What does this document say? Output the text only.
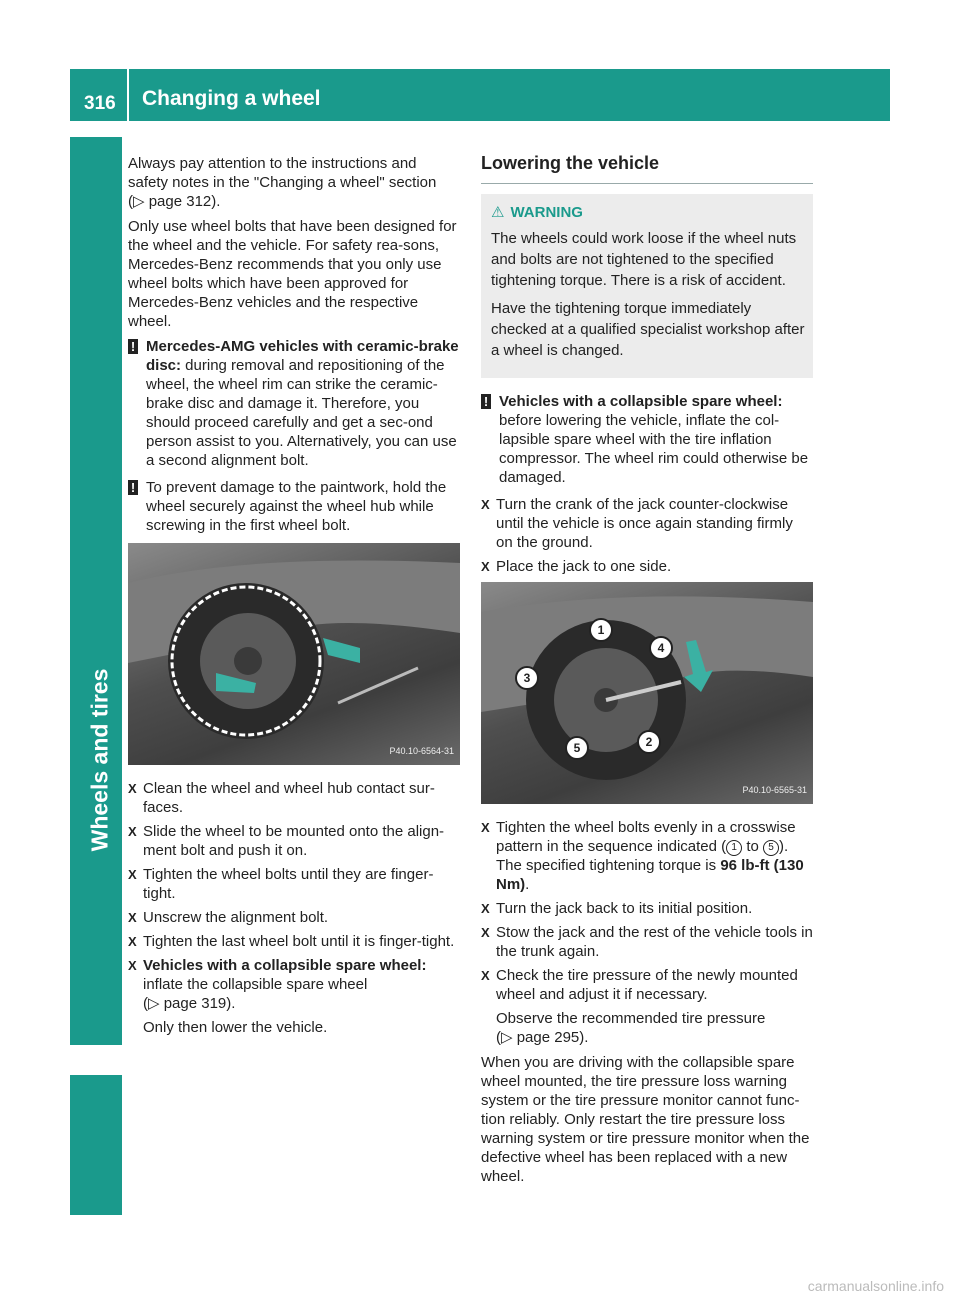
316 Changing a wheel
Wheels and tires

Always pay attention to the instructions and safety notes in the "Changing a wheel" section (▷ page 312).

Only use wheel bolts that have been designed for the wheel and the vehicle. For safety rea-sons, Mercedes-Benz recommends that you only use wheel bolts which have been approved for Mercedes-Benz vehicles and the respective wheel.

! Mercedes-AMG vehicles with ceramic-brake disc: during removal and repositioning of the wheel, the wheel rim can strike the ceramic-brake disc and damage it. Therefore, you should proceed carefully and get a sec-ond person assist to you. Alternatively, you can use a second alignment bolt.
! To prevent damage to the paintwork, hold the wheel securely against the wheel hub while screwing in the first wheel bolt.
P40.10-6564-31
X Clean the wheel and wheel hub contact sur-faces.
X Slide the wheel to be mounted onto the align-ment bolt and push it on.
X Tighten the wheel bolts until they are finger-tight.
X Unscrew the alignment bolt.
X Tighten the last wheel bolt until it is finger-tight.
X Vehicles with a collapsible spare wheel:
inflate the collapsible spare wheel
(▷ page 319).

Only then lower the vehicle.

Lowering the vehicle
⚠ WARNING

The wheels could work loose if the wheel nuts and bolts are not tightened to the specified tightening torque. There is a risk of accident.

Have the tightening torque immediately checked at a qualified specialist workshop after a wheel is changed.

! Vehicles with a collapsible spare wheel: before lowering the vehicle, inflate the col-lapsible spare wheel with the tire inflation compressor. The wheel rim could otherwise be damaged.
X Turn the crank of the jack counter-clockwise until the vehicle is once again standing firmly on the ground.
X Place the jack to one side.
1
4
3
2
5
P40.10-6565-31
X Tighten the wheel bolts evenly in a crosswise pattern in the sequence indicated ( 1 to 5 ). The specified tightening torque is 96 lb-ft (130 Nm).
X Turn the jack back to its initial position.
X Stow the jack and the rest of the vehicle tools in the trunk again.
X Check the tire pressure of the newly mounted wheel and adjust it if necessary.

Observe the recommended tire pressure
(▷ page 295).

When you are driving with the collapsible spare wheel mounted, the tire pressure loss warning system or the tire pressure monitor cannot func-tion reliably. Only restart the tire pressure loss warning system or tire pressure monitor when the defective wheel has been replaced with a new wheel.

carmanualsonline.info
